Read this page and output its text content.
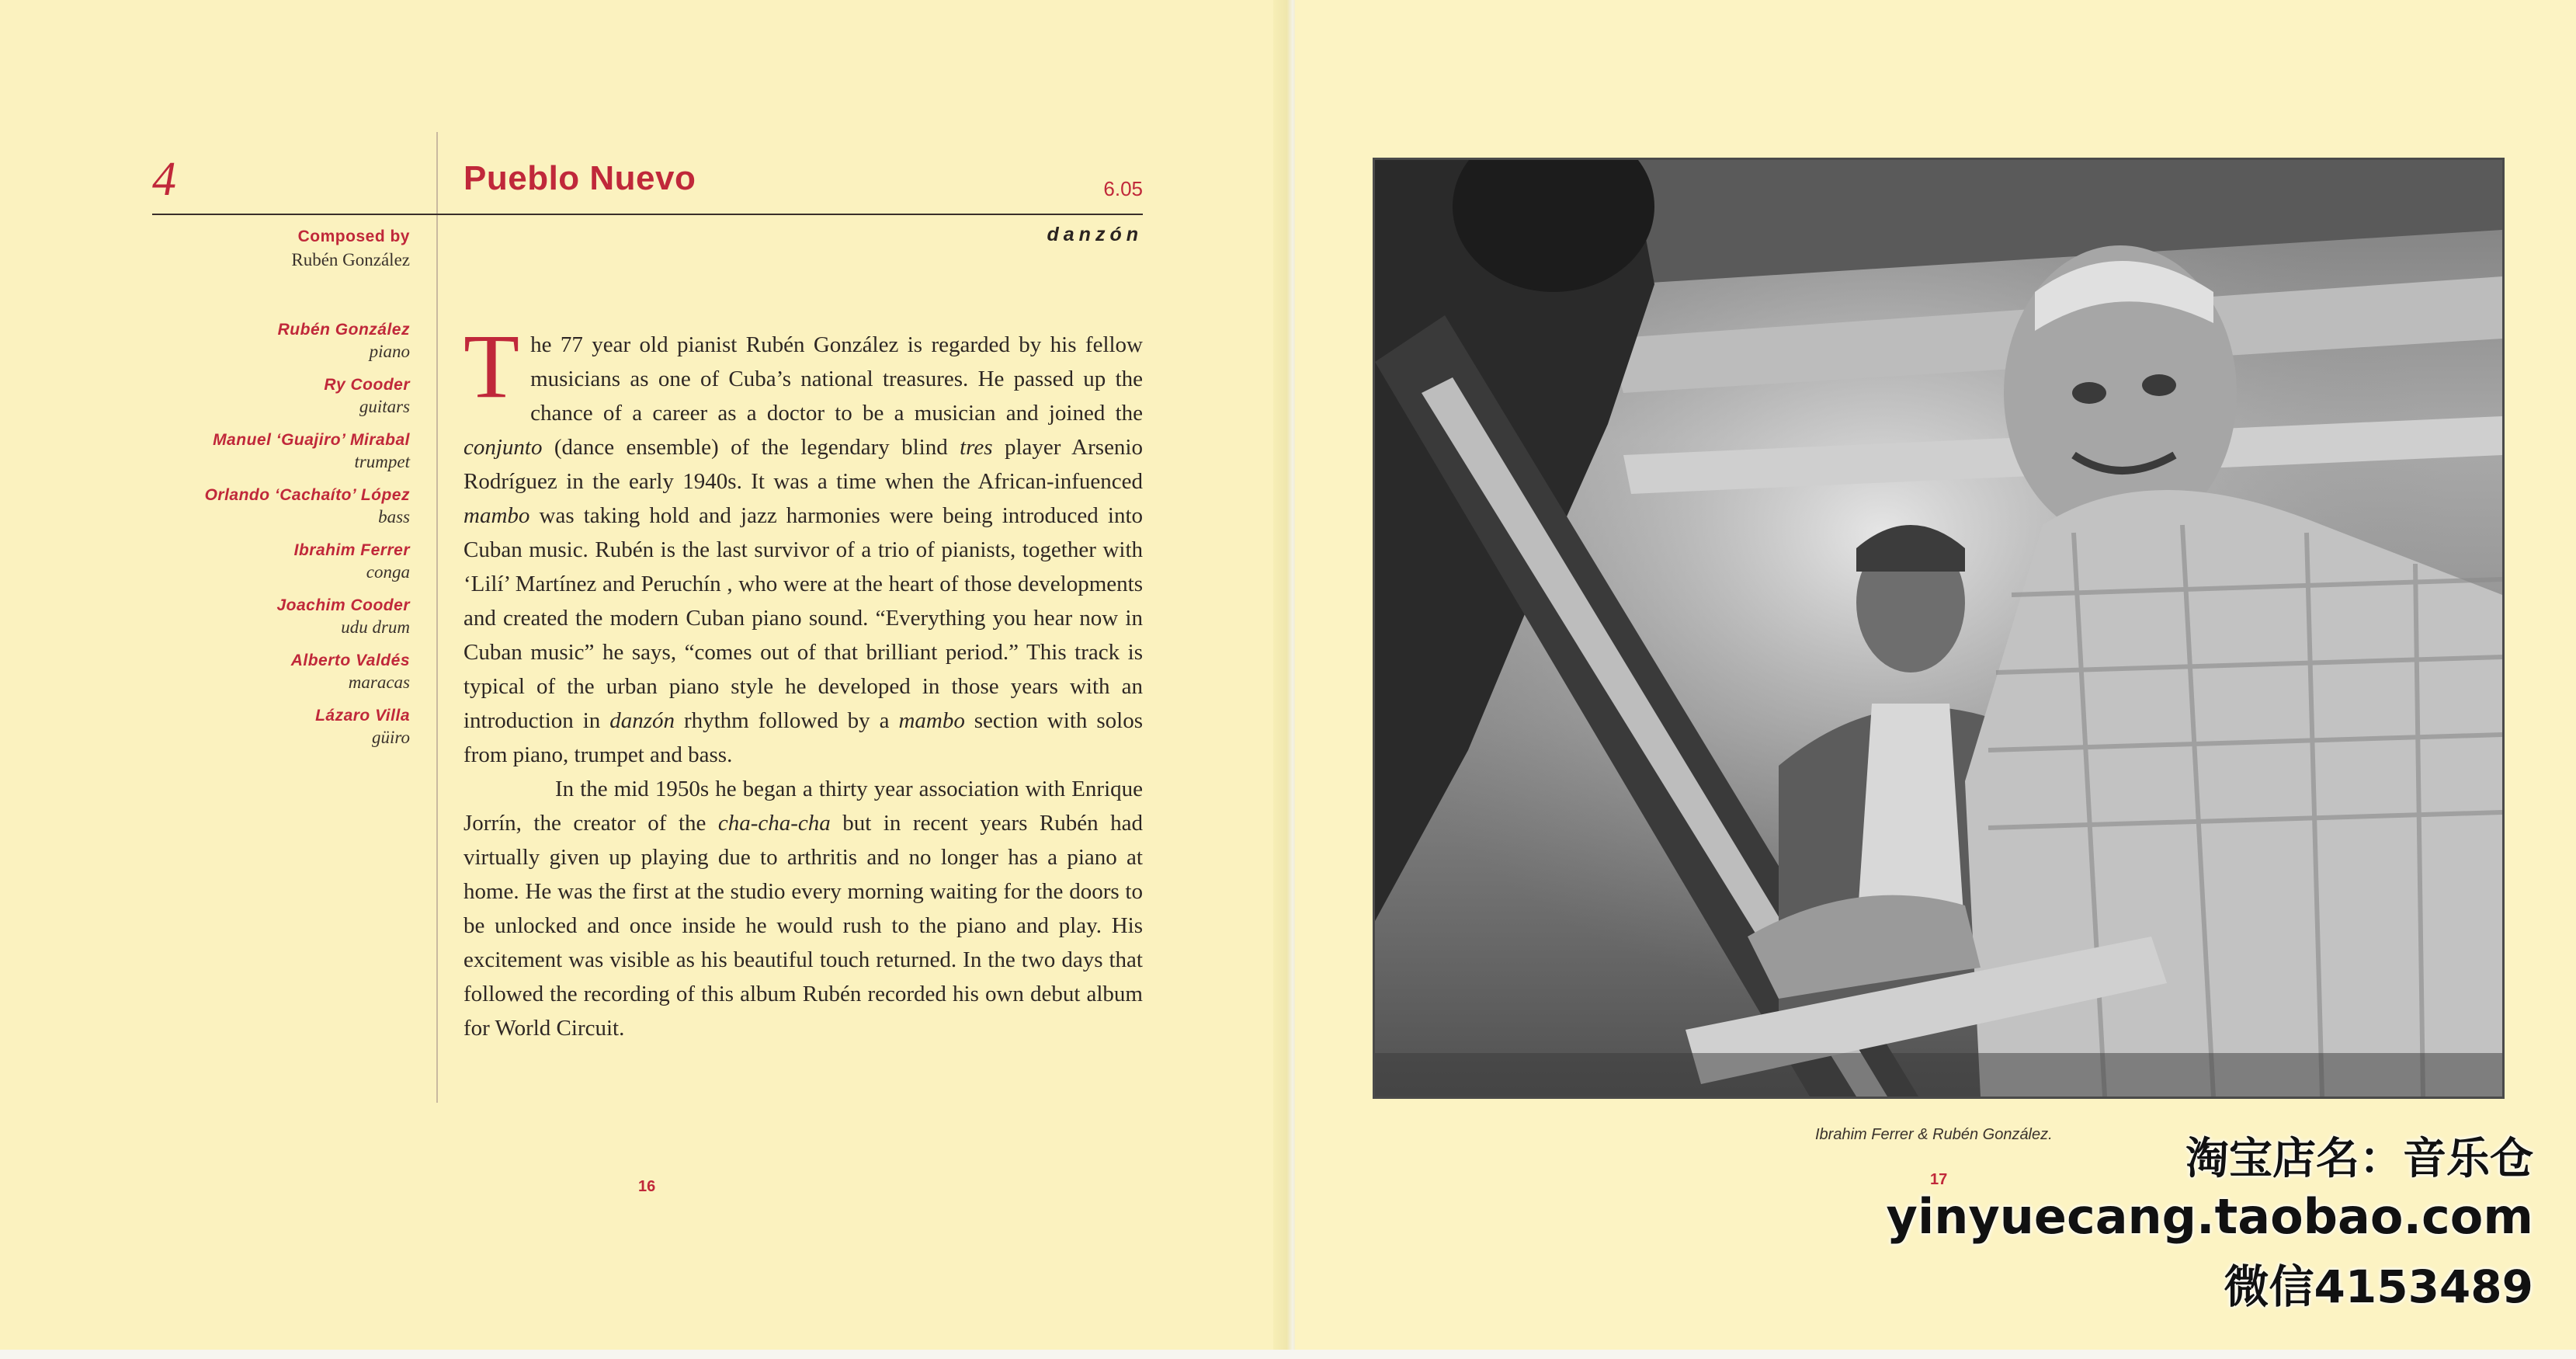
4	Pueblo Nuevo	6.05
danzón
Composed by
Rubén González
Rubén González
piano
Ry Cooder
guitars
Manuel ‘Guajiro’ Mirabal
trumpet
Orlando ‘Cachaíto’ López
bass
Ibrahim Ferrer
conga
Joachim Cooder
udu drum
Alberto Valdés
maracas
Lázaro Villa
güiro

The 77 year old pianist Rubén González is regarded by his fellow musicians as one of Cuba’s national treasures. He passed up the chance of a career as a doctor to be a musician and joined the conjunto (dance ensemble) of the legendary blind tres player Arsenio Rodríguez in the early 1940s. It was a time when the African-infuenced mambo was taking hold and jazz harmonies were being introduced into Cuban music. Rubén is the last survivor of a trio of pianists, together with ‘Lilí’ Martínez and Peruchín , who were at the heart of those developments and created the modern Cuban piano sound. “Everything you hear now in Cuban music” he says, “comes out of that brilliant period.” This track is typical of the urban piano style he developed in those years with an introduction in danzón rhythm followed by a mambo section with solos from piano, trumpet and bass.

In the mid 1950s he began a thirty year association with Enrique Jorrín, the creator of the cha-cha-cha but in recent years Rubén had virtually given up playing due to arthritis and no longer has a piano at home. He was the first at the studio every morning waiting for the doors to be unlocked and once inside he would rush to the piano and play. His excitement was visible as his beautiful touch returned. In the two days that followed the recording of this album Rubén recorded his own debut album for World Circuit.

16
Ibrahim Ferrer & Rubén González.
17	淘宝店名：音乐仓
yinyuecang.taobao.com
微信4153489
